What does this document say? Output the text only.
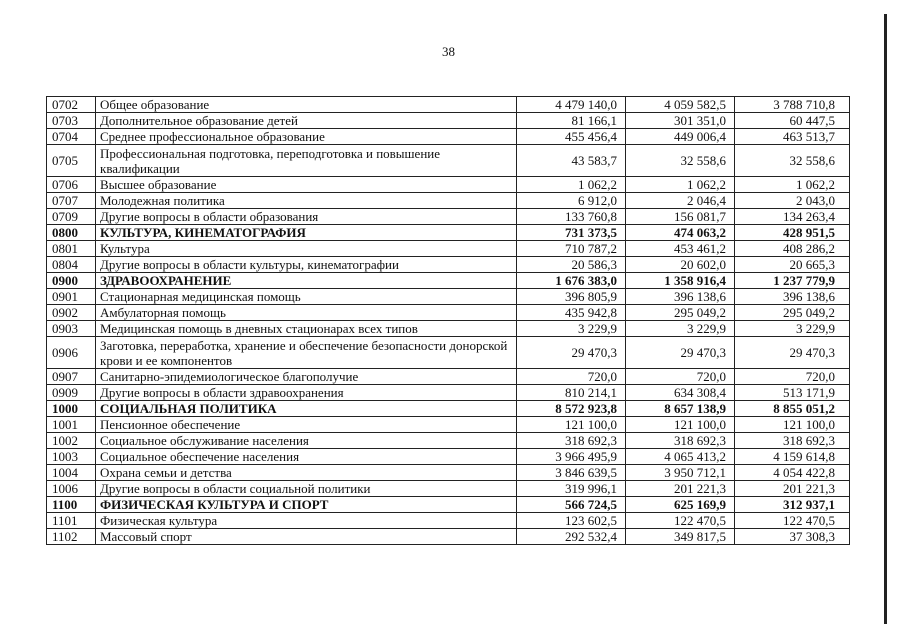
38
0702	Общее образование	4 479 140,0	4 059 582,5	3 788 710,8
0703	Дополнительное образование детей	81 166,1	301 351,0	60 447,5
0704	Среднее профессиональное образование	455 456,4	449 006,4	463 513,7
0705	Профессиональная подготовка, переподготовка и повышение квалификации	43 583,7	32 558,6	32 558,6
0706	Высшее образование	1 062,2	1 062,2	1 062,2
0707	Молодежная политика	6 912,0	2 046,4	2 043,0
0709	Другие вопросы в области образования	133 760,8	156 081,7	134 263,4
0800	КУЛЬТУРА, КИНЕМАТОГРАФИЯ	731 373,5	474 063,2	428 951,5
0801	Культура	710 787,2	453 461,2	408 286,2
0804	Другие вопросы в области культуры, кинематографии	20 586,3	20 602,0	20 665,3
0900	ЗДРАВООХРАНЕНИЕ	1 676 383,0	1 358 916,4	1 237 779,9
0901	Стационарная медицинская помощь	396 805,9	396 138,6	396 138,6
0902	Амбулаторная помощь	435 942,8	295 049,2	295 049,2
0903	Медицинская помощь в дневных стационарах всех типов	3 229,9	3 229,9	3 229,9
0906	Заготовка, переработка, хранение и обеспечение безопасности донорской крови и ее компонентов	29 470,3	29 470,3	29 470,3
0907	Санитарно-эпидемиологическое благополучие	720,0	720,0	720,0
0909	Другие вопросы в области здравоохранения	810 214,1	634 308,4	513 171,9
1000	СОЦИАЛЬНАЯ ПОЛИТИКА	8 572 923,8	8 657 138,9	8 855 051,2
1001	Пенсионное обеспечение	121 100,0	121 100,0	121 100,0
1002	Социальное обслуживание населения	318 692,3	318 692,3	318 692,3
1003	Социальное обеспечение населения	3 966 495,9	4 065 413,2	4 159 614,8
1004	Охрана семьи и детства	3 846 639,5	3 950 712,1	4 054 422,8
1006	Другие вопросы в области социальной политики	319 996,1	201 221,3	201 221,3
1100	ФИЗИЧЕСКАЯ КУЛЬТУРА И СПОРТ	566 724,5	625 169,9	312 937,1
1101	Физическая культура	123 602,5	122 470,5	122 470,5
1102	Массовый спорт	292 532,4	349 817,5	37 308,3
